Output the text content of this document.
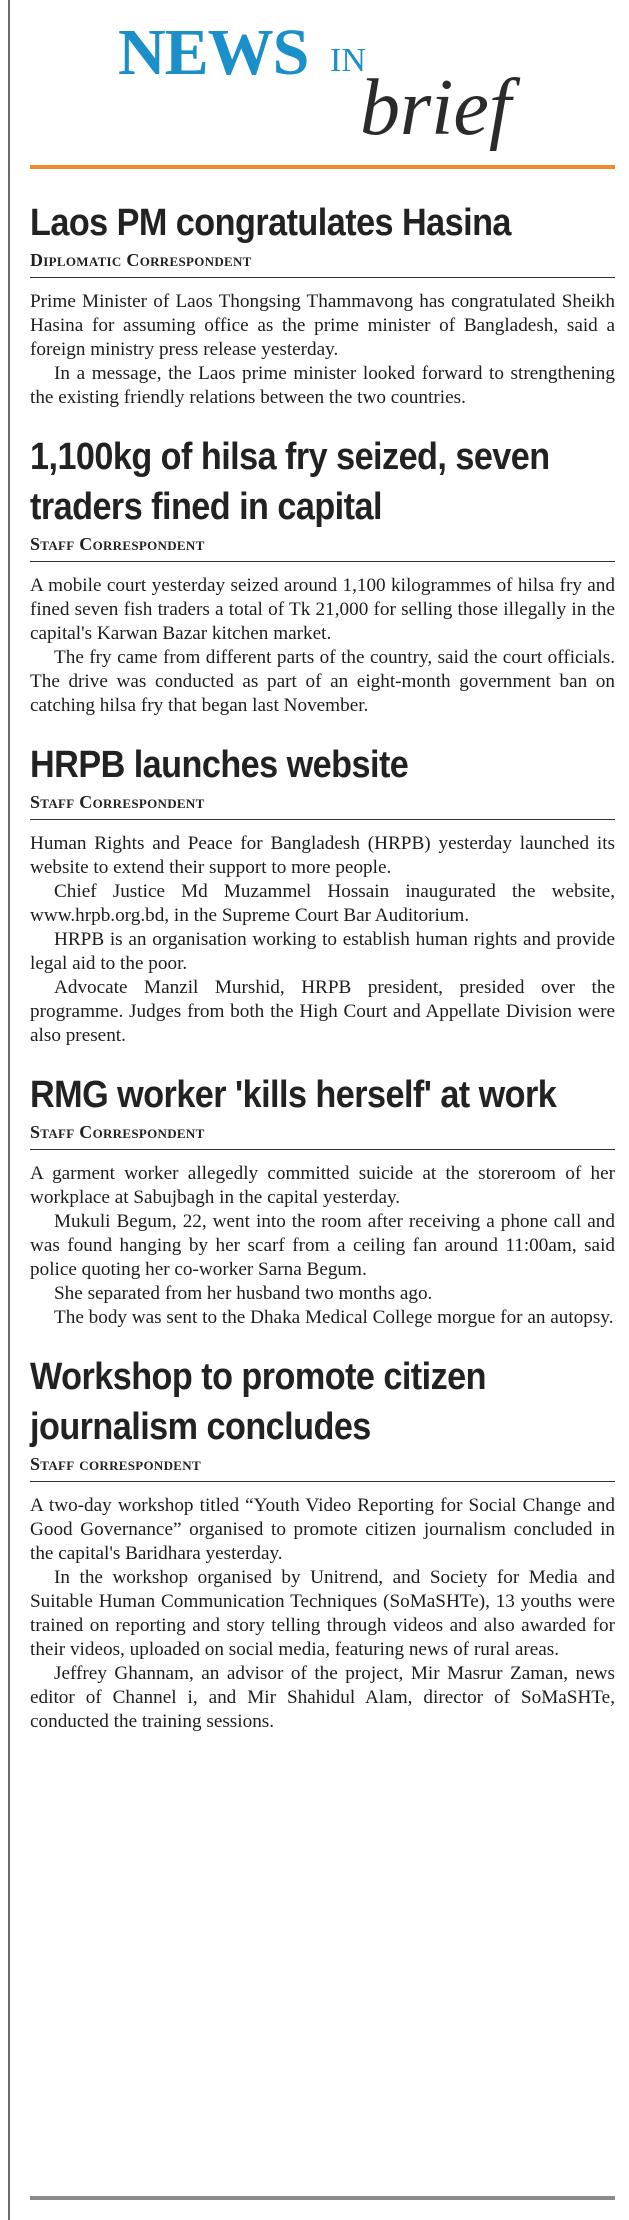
NEWS IN
brief
Laos PM congratulates Hasina
Diplomatic Correspondent

Prime Minister of Laos Thongsing Thammavong has congratulated Sheikh Hasina for assuming office as the prime minister of Bangladesh, said a foreign ministry press release yesterday.

In a message, the Laos prime minister looked forward to strengthening the existing friendly relations between the two countries.

1,100kg of hilsa fry seized, seven
traders fined in capital
Staff Correspondent

A mobile court yesterday seized around 1,100 kilogrammes of hilsa fry and fined seven fish traders a total of Tk 21,000 for selling those illegally in the capital's Karwan Bazar kitchen market.

The fry came from different parts of the country, said the court officials. The drive was conducted as part of an eight-month government ban on catching hilsa fry that began last November.

HRPB launches website
Staff Correspondent

Human Rights and Peace for Bangladesh (HRPB) yesterday launched its website to extend their support to more people.

Chief Justice Md Muzammel Hossain inaugurated the website, www.hrpb.org.bd, in the Supreme Court Bar Auditorium.

HRPB is an organisation working to establish human rights and provide legal aid to the poor.

Advocate Manzil Murshid, HRPB president, presided over the programme. Judges from both the High Court and Appellate Division were also present.

RMG worker 'kills herself' at work
Staff Correspondent

A garment worker allegedly committed suicide at the storeroom of her workplace at Sabujbagh in the capital yesterday.

Mukuli Begum, 22, went into the room after receiving a phone call and was found hanging by her scarf from a ceiling fan around 11:00am, said police quoting her co-worker Sarna Begum.

She separated from her husband two months ago.

The body was sent to the Dhaka Medical College morgue for an autopsy.

Workshop to promote citizen
journalism concludes
Staff correspondent

A two-day workshop titled “Youth Video Reporting for Social Change and Good Governance” organised to promote citizen journalism concluded in the capital's Baridhara yesterday.

In the workshop organised by Unitrend, and Society for Media and Suitable Human Communication Techniques (SoMaSHTe), 13 youths were trained on reporting and story telling through videos and also awarded for their videos, uploaded on social media, featuring news of rural areas.

Jeffrey Ghannam, an advisor of the project, Mir Masrur Zaman, news editor of Channel i, and Mir Shahidul Alam, director of SoMaSHTe, conducted the training sessions.
